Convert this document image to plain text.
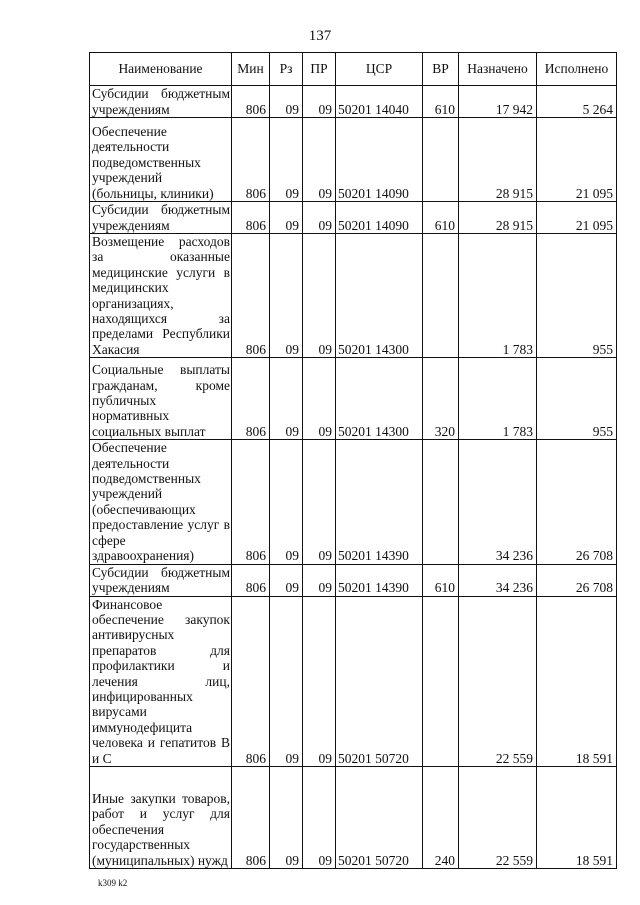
137
Наименование	Мин	Рз	ПР	ЦСР	ВР	Назначено	Исполнено
Субсидии бюджетным учреждениям	806	09	09	50201 14040	610	17 942	5 264
Обеспечение деятельности подведомственных учреждений (больницы, клиники)	806	09	09	50201 14090		28 915	21 095
Субсидии бюджетным учреждениям	806	09	09	50201 14090	610	28 915	21 095
Возмещение расходов за оказанные медицинские услуги в медицинских организациях, находящихся за пределами Республики Хакасия	806	09	09	50201 14300		1 783	955
Социальные выплаты гражданам, кроме публичных нормативных социальных выплат	806	09	09	50201 14300	320	1 783	955
Обеспечение деятельности подведомственных учреждений (обеспечивающих предоставление услуг в сфере здравоохранения)	806	09	09	50201 14390		34 236	26 708
Субсидии бюджетным учреждениям	806	09	09	50201 14390	610	34 236	26 708
Финансовое обеспечение закупок антивирусных препаратов для профилактики и лечения лиц, инфицированных вирусами иммунодефицита человека и гепатитов В и С	806	09	09	50201 50720		22 559	18 591
Иные закупки товаров, работ и услуг для обеспечения государственных (муниципальных) нужд	806	09	09	50201 50720	240	22 559	18 591
k309 k2
